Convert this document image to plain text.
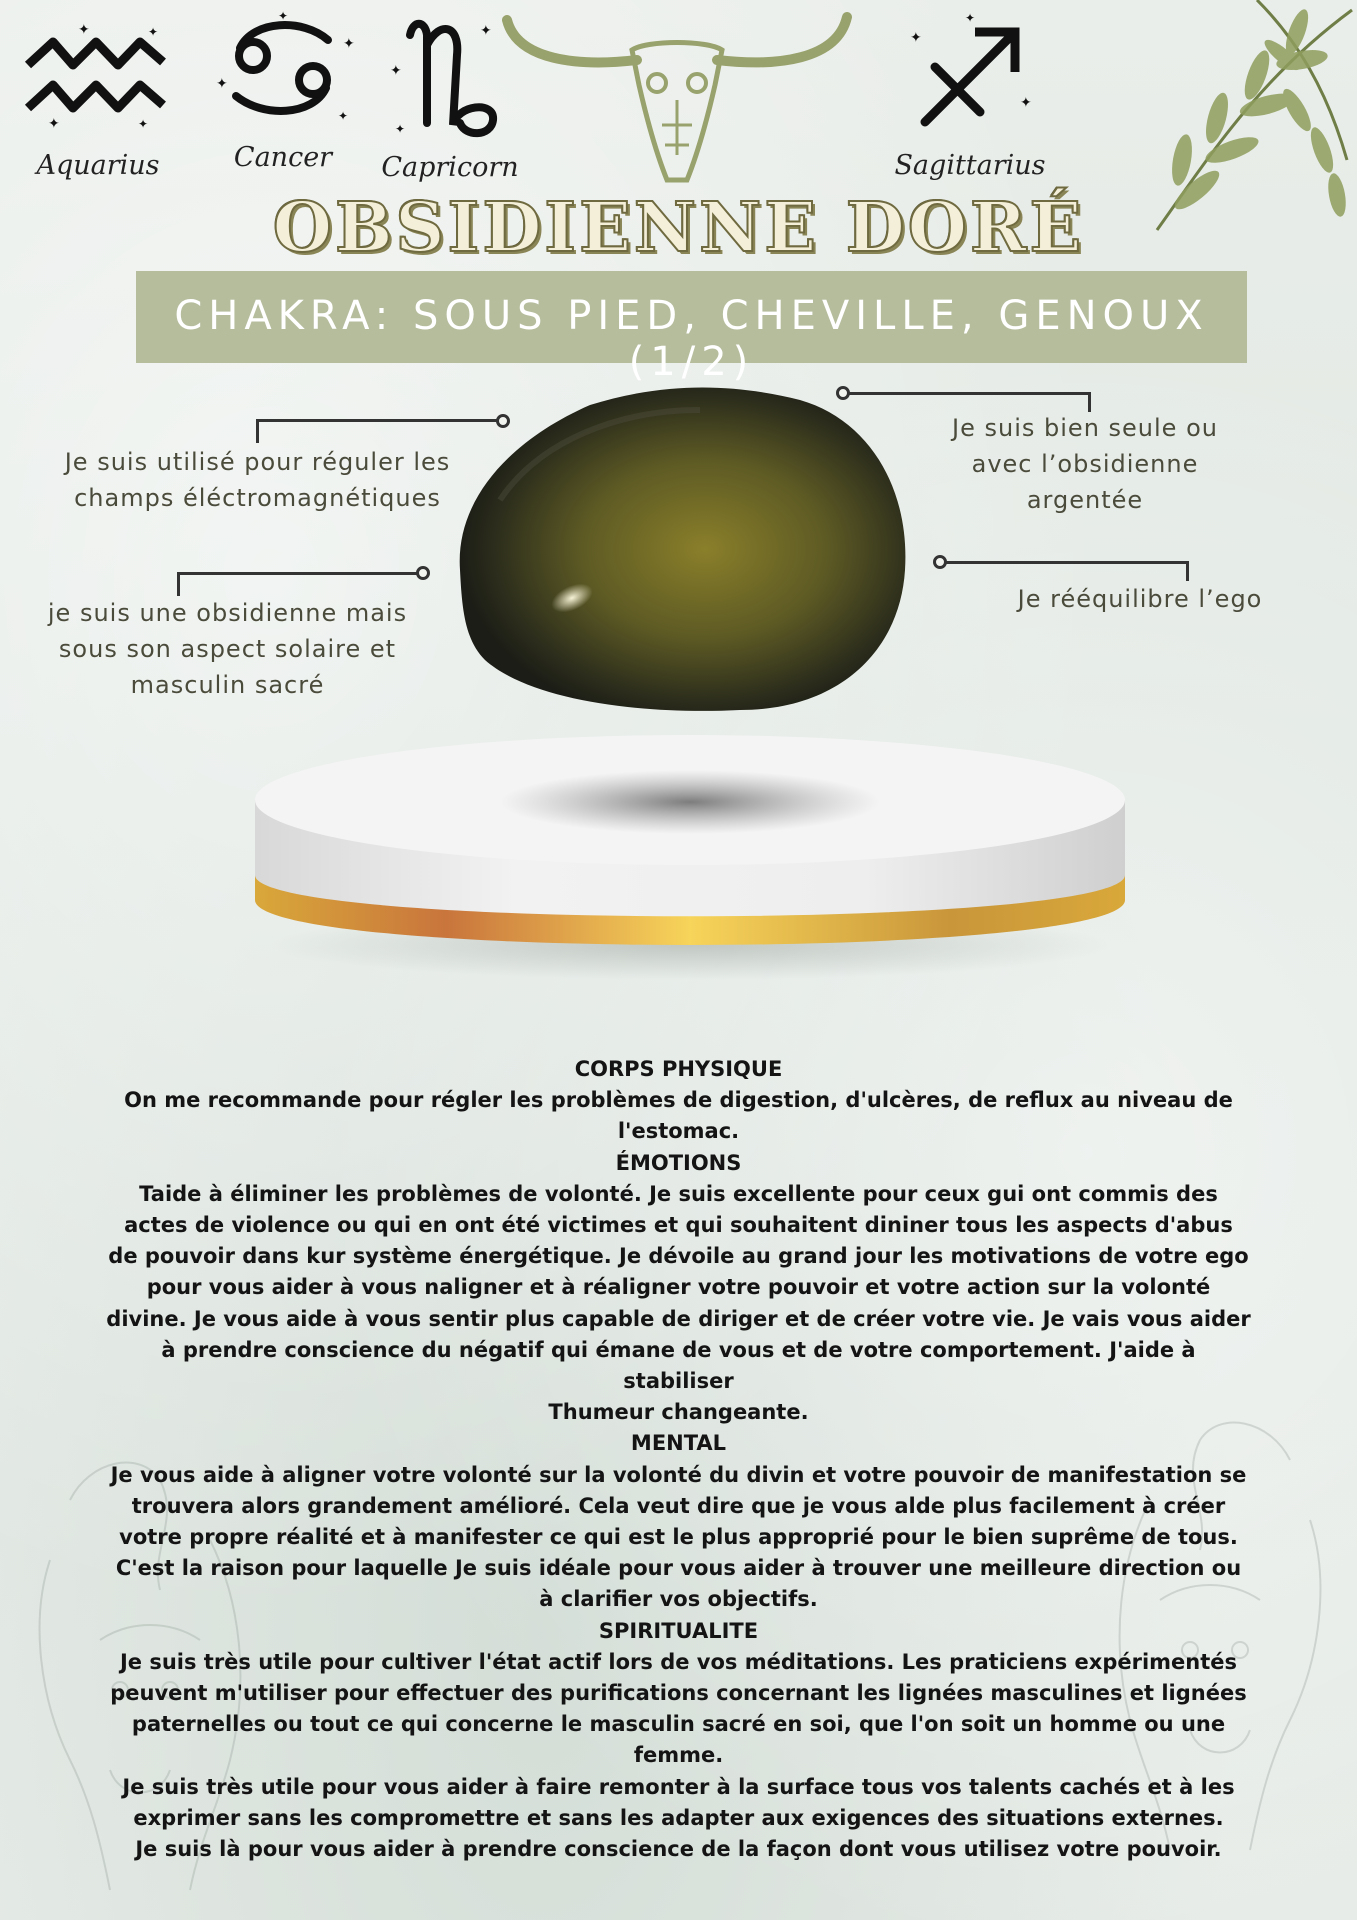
✦	✦
✦	✦
Aquarius
✦
✦
✦
✦
Cancer
✦
✦
✦
Capricorn
✦
✦
✦
Sagittarius
OBSIDIENNE DORÉ
CHAKRA: SOUS PIED, CHEVILLE, GENOUX (1/2)
Je suis utilisé pour réguler les champs éléctromagnétiques
je suis une obsidienne mais sous son aspect solaire et masculin sacré
Je suis bien seule ou avec l’obsidienne argentée
Je rééquilibre l’ego

CORPS PHYSIQUE

On me recommande pour régler les problèmes de digestion, d'ulcères, de reflux au niveau de l'estomac.

ÉMOTIONS

Taide à éliminer les problèmes de volonté. Je suis excellente pour ceux gui ont commis des actes de violence ou qui en ont été victimes et qui souhaitent dininer tous les aspects d'abus de pouvoir dans kur système énergétique. Je dévoile au grand jour les motivations de votre ego pour vous aider à vous naligner et à réaligner votre pouvoir et votre action sur la volonté divine. Je vous aide à vous sentir plus capable de diriger et de créer votre vie. Je vais vous aider à prendre conscience du négatif qui émane de vous et de votre comportement. J'aide à stabiliser

Thumeur changeante.

MENTAL

Je vous aide à aligner votre volonté sur la volonté du divin et votre pouvoir de manifestation se trouvera alors grandement amélioré. Cela veut dire que je vous alde plus facilement à créer votre propre réalité et à manifester ce qui est le plus approprié pour le bien suprême de tous. C'est la raison pour laquelle Je suis idéale pour vous aider à trouver une meilleure direction ou à clarifier vos objectifs.

SPIRITUALITE

Je suis très utile pour cultiver l'état actif lors de vos méditations. Les praticiens expérimentés peuvent m'utiliser pour effectuer des purifications concernant les lignées masculines et lignées paternelles ou tout ce qui concerne le masculin sacré en soi, que l'on soit un homme ou une femme.

Je suis très utile pour vous aider à faire remonter à la surface tous vos talents cachés et à les exprimer sans les compromettre et sans les adapter aux exigences des situations externes.

Je suis là pour vous aider à prendre conscience de la façon dont vous utilisez votre pouvoir.
